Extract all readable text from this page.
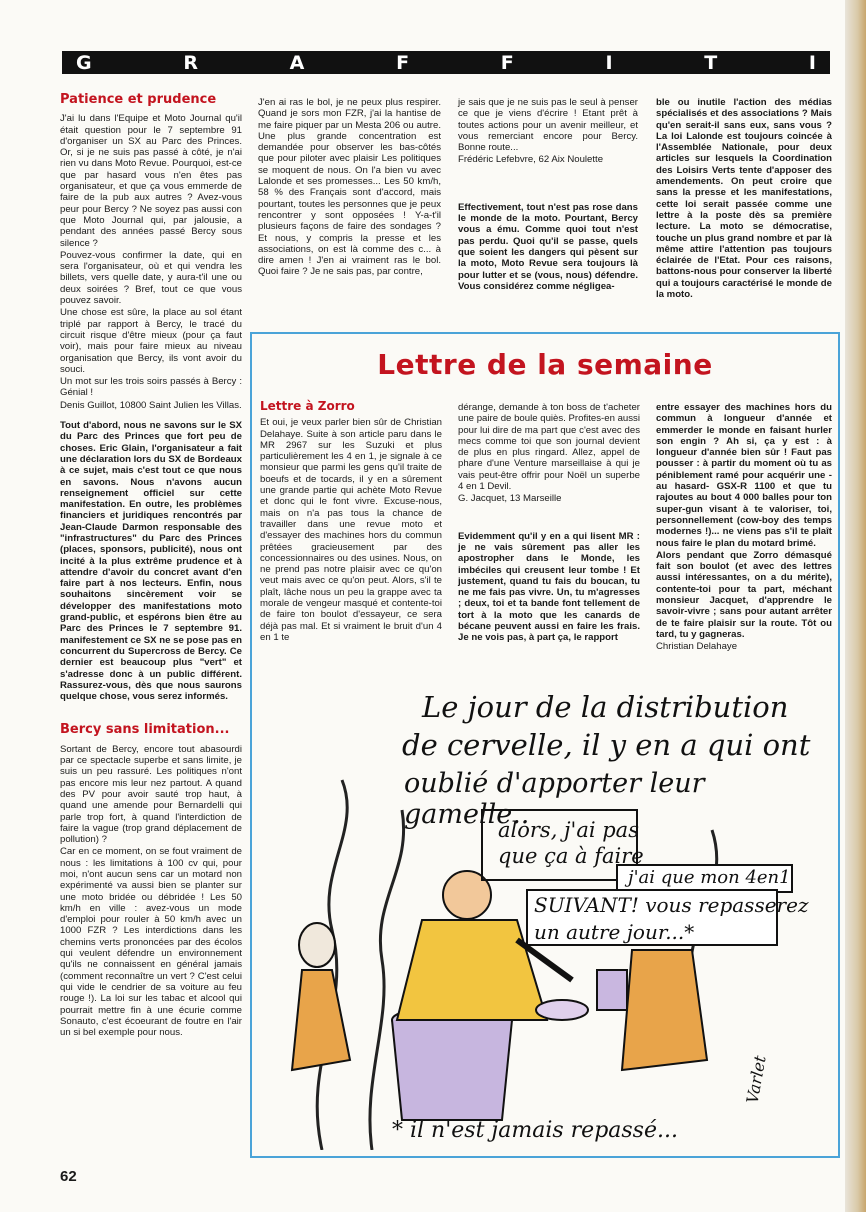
G	R	A	F	F	I	T	I
Patience et prudence

J'ai lu dans l'Equipe et Moto Journal qu'il était question pour le 7 septembre 91 d'organiser un SX au Parc des Princes. Or, si je ne suis pas passé à côté, je n'ai rien vu dans Moto Revue. Pourquoi, est-ce que par hasard vous n'en êtes pas organisateur, et que ça vous emmerde de faire de la pub aux autres ? Avez-vous peur pour Bercy ? Ne soyez pas aussi con que Moto Journal qui, par jalousie, a pendant des années passé Bercy sous silence ?

Pouvez-vous confirmer la date, qui en sera l'organisateur, où et qui vendra les billets, vers quelle date, y aura-t'il une ou deux soirées ? Bref, tout ce que vous pouvez savoir.

Une chose est sûre, la place au sol étant triplé par rapport à Bercy, le tracé du circuit risque d'être mieux (pour ça faut voir), mais pour faire mieux au niveau organisation que Bercy, ils vont avoir du souci.

Un mot sur les trois soirs passés à Bercy : Génial !

Denis Guillot, 10800 Saint Julien les Villas.

Tout d'abord, nous ne savons sur le SX du Parc des Princes que fort peu de choses. Eric Glain, l'organisateur a fait une déclaration lors du SX de Bordeaux à ce sujet, mais c'est tout ce que nous en savons. Nous n'avons aucun renseignement officiel sur cette manifestation. En outre, les problèmes financiers et juridiques rencontrés par Jean-Claude Darmon responsable des "infrastructures" du Parc des Princes (places, sponsors, publicité), nous ont incité à la plus extrême prudence et à attendre d'avoir du concret avant d'en faire part à nos lecteurs. Enfin, nous souhaitons sincèrement voir se développer des manifestations moto grand-public, et espérons bien être au Parc des Princes le 7 septembre 91. manifestement ce SX ne se pose pas en concurrent du Supercross de Bercy. Ce dernier est beaucoup plus "vert" et s'adresse donc à un public différent. Rassurez-vous, dès que nous saurons quelque chose, vous serez informés.

Bercy sans limitation...

Sortant de Bercy, encore tout abasourdi par ce spectacle superbe et sans limite, je suis un peu rassuré. Les politiques n'ont pas encore mis leur nez partout. A quand des PV pour avoir sauté trop haut, à quand une amende pour Bernardelli qui parle trop fort, à quand l'interdiction de faire la vague (trop grand déplacement de pollution) ?

Car en ce moment, on se fout vraiment de nous : les limitations à 100 cv qui, pour moi, n'ont aucun sens car un motard non expérimenté va aussi bien se planter sur une moto bridée ou débridée ! Les 50 km/h en ville : avez-vous un mode d'emploi pour rouler à 50 km/h avec un 1000 FZR ? Les interdictions dans les chemins verts prononcées par des écolos qui veulent défendre un environnement qu'ils ne connaissent en général jamais (comment reconnaître un vert ? C'est celui qui vide le cendrier de sa voiture au feu rouge !). La loi sur les tabac et alcool qui pourrait mettre fin à une écurie comme Sonauto, c'est écoeurant de foutre en l'air un si bel exemple pour nous.

J'en ai ras le bol, je ne peux plus respirer. Quand je sors mon FZR, j'ai la hantise de me faire piquer par un Mesta 206 ou autre. Une plus grande concentration est demandée pour observer les bas-côtés que pour piloter avec plaisir Les politiques se moquent de nous. On l'a bien vu avec Lalonde et ses promesses... Les 50 km/h, 58 % des Français sont d'accord, mais pourtant, toutes les personnes que je peux rencontrer y sont opposées ! Y-a-t'il plusieurs façons de faire des sondages ? Et nous, y compris la presse et les associations, on est là comme des c... à dire amen ! J'en ai vraiment ras le bol. Quoi faire ? Je ne sais pas, par contre,

je sais que je ne suis pas le seul à penser ce que je viens d'écrire ! Etant prêt à toutes actions pour un avenir meilleur, et vous remerciant encore pour Bercy. Bonne route...

Frédéric Lefebvre, 62 Aix Noulette

Effectivement, tout n'est pas rose dans le monde de la moto. Pourtant, Bercy vous a ému. Comme quoi tout n'est pas perdu. Quoi qu'il se passe, quels que soient les dangers qui pèsent sur la moto, Moto Revue sera toujours là pour lutter et se (vous, nous) défendre. Vous considérez comme négligea-

ble ou inutile l'action des médias spécialisés et des associations ? Mais qu'en serait-il sans eux, sans vous ? La loi Lalonde est toujours coincée à l'Assemblée Nationale, pour deux articles sur lesquels la Coordination des Loisirs Verts tente d'apposer des amendements. On peut croire que sans la presse et les manifestations, cette loi serait passée comme une lettre à la poste dès sa première lecture. La moto se démocratise, touche un plus grand nombre et par là même attire l'attention pas toujours éclairée de l'Etat. Pour ces raisons, battons-nous pour conserver la liberté qui a toujours caractérisé le monde de la moto.

Lettre de la semaine
Lettre à Zorro

Et oui, je veux parler bien sûr de Christian Delahaye. Suite à son article paru dans le MR 2967 sur les Suzuki et plus particulièrement les 4 en 1, je signale à ce monsieur que parmi les gens qu'il traite de boeufs et de tocards, il y en a sûrement une grande partie qui achète Moto Revue et donc qui le font vivre. Excuse-nous, mais on n'a pas tous la chance de travailler dans une revue moto et d'essayer des machines hors du commun prêtées gracieusement par des concessionnaires ou des usines. Nous, on ne prend pas notre plaisir avec ce qu'on veut mais avec ce qu'on peut. Alors, s'il te plaît, lâche nous un peu la grappe avec ta morale de vengeur masqué et contente-toi de faire ton boulot d'essayeur, ce sera déjà pas mal. Et si vraiment le bruit d'un 4 en 1 te

dérange, demande à ton boss de t'acheter une paire de boule quiès. Profites-en aussi pour lui dire de ma part que c'est avec des mecs comme toi que son journal devient de plus en plus ringard. Allez, appel de phare d'une Venture marseillaise à qui je vais peut-être offrir pour Noël un superbe 4 en 1 Devil.

G. Jacquet, 13 Marseille

Evidemment qu'il y en a qui lisent MR : je ne vais sûrement pas aller les apostropher dans le Monde, les imbéciles qui creusent leur tombe ! Et justement, quand tu fais du boucan, tu ne me fais pas vivre. Un, tu m'agresses ; deux, toi et ta bande font tellement de tort à la moto que les canards de bécane peuvent aussi en faire les frais. Je ne vois pas, à part ça, le rapport

entre essayer des machines hors du commun à longueur d'année et emmerder le monde en faisant hurler son engin ? Ah si, ça y est : à longueur d'année bien sûr ! Faut pas pousser : à partir du moment où tu as péniblement ramé pour acquérir une -au hasard- GSX-R 1100 et que tu rajoutes au bout 4 000 balles pour ton super-gun visant à te valoriser, toi, personnellement (cow-boy des temps modernes !)... ne viens pas s'il te plaît nous faire le plan du motard brimé.

Alors pendant que Zorro démasqué fait son boulot (et avec des lettres aussi intéressantes, on a du mérite), contente-toi pour ta part, méchant monsieur Jacquet, d'apprendre le savoir-vivre ; sans pour autant arrêter de te faire plaisir sur la route. Tôt ou tard, tu y gagneras.

Christian Delahaye

Le jour de la distribution
de cervelle, il y en a qui ont
oublié d'apporter leur gamelle..
alors, j'ai pas
que ça à faire
j'ai que mon 4en1
SUIVANT! vous repasserez
un autre jour...*
* il n'est jamais repassé...
Varlet
62
